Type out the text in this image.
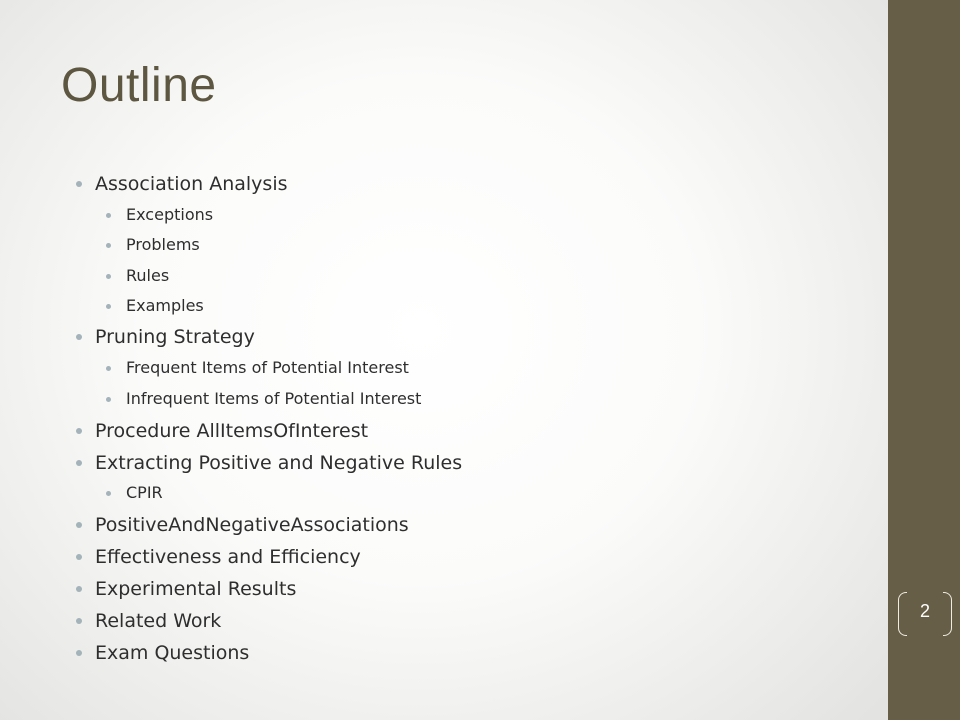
Outline
Association Analysis
Exceptions
Problems
Rules
Examples
Pruning Strategy
Frequent Items of Potential Interest
Infrequent Items of Potential Interest
Procedure AllItemsOfInterest
Extracting Positive and Negative Rules
CPIR
PositiveAndNegativeAssociations
Effectiveness and Efficiency
Experimental Results
Related Work
Exam Questions
2
